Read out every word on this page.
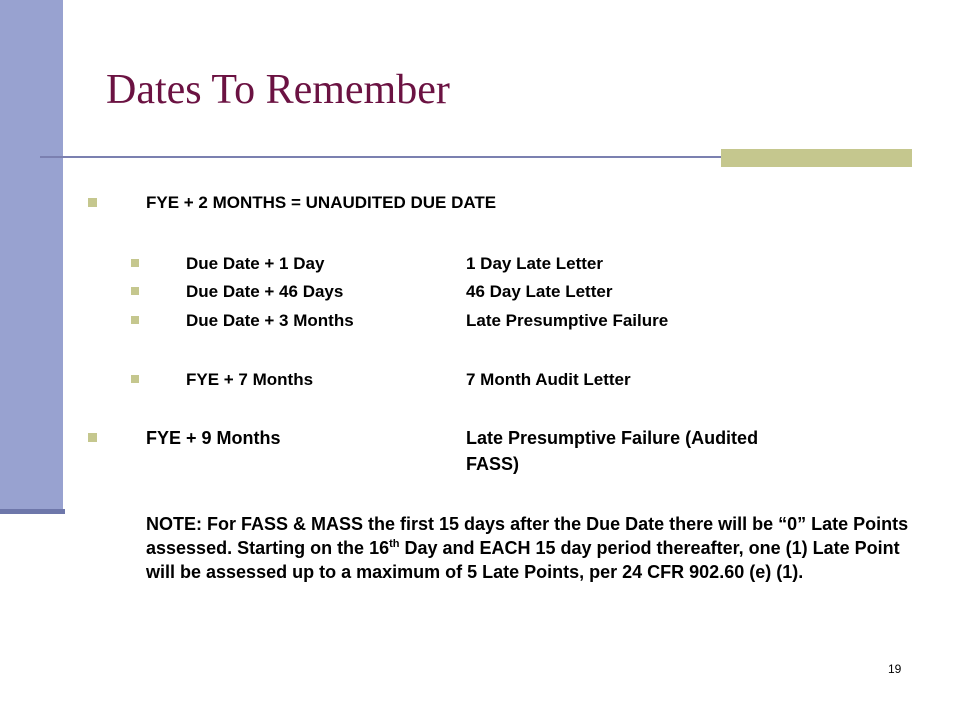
Dates To Remember
FYE + 2 MONTHS = UNAUDITED DUE DATE
Due Date + 1 Day	1 Day Late Letter
Due Date + 46 Days	46 Day Late Letter
Due Date + 3 Months	Late Presumptive Failure
FYE + 7 Months	7 Month Audit Letter
FYE + 9 Months	Late Presumptive Failure (Audited
FASS)
NOTE: For FASS & MASS the first 15 days after the Due Date there will be “0” Late Points assessed. Starting on the 16th Day and EACH 15 day period thereafter, one (1) Late Point will be assessed up to a maximum of 5 Late Points, per 24 CFR 902.60 (e) (1).
19
